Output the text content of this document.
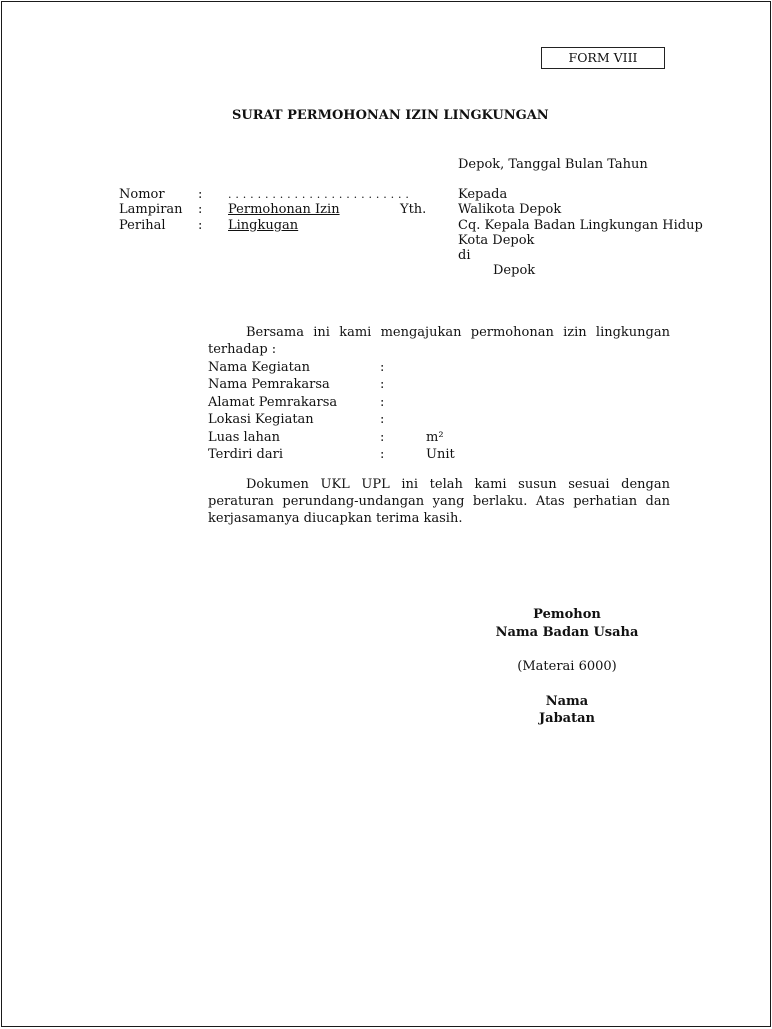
FORM VIII
SURAT PERMOHONAN IZIN LINGKUNGAN
Depok, Tanggal Bulan Tahun
Nomor	: . . . . . . . . . . . . . . . . . . . . . . . . .
Lampiran : Permohonan Izin	Yth.
Perihal : Lingkugan
Kepada
Walikota Depok
Cq. Kepala Badan Lingkungan Hidup
Kota Depok
di
Depok
Bersama ini kami mengajukan permohonan izin lingkungan
terhadap :
Nama Kegiatan	:
Nama Pemrakarsa	:
Alamat Pemrakarsa	:
Lokasi Kegiatan	:
Luas lahan	:	m²
Terdiri dari	:	Unit
Dokumen UKL UPL ini telah kami susun sesuai dengan peraturan perundang-undangan yang berlaku. Atas perhatian dan kerjasamanya diucapkan terima kasih.
Pemohon
Nama Badan Usaha
(Materai 6000)
Nama
Jabatan
